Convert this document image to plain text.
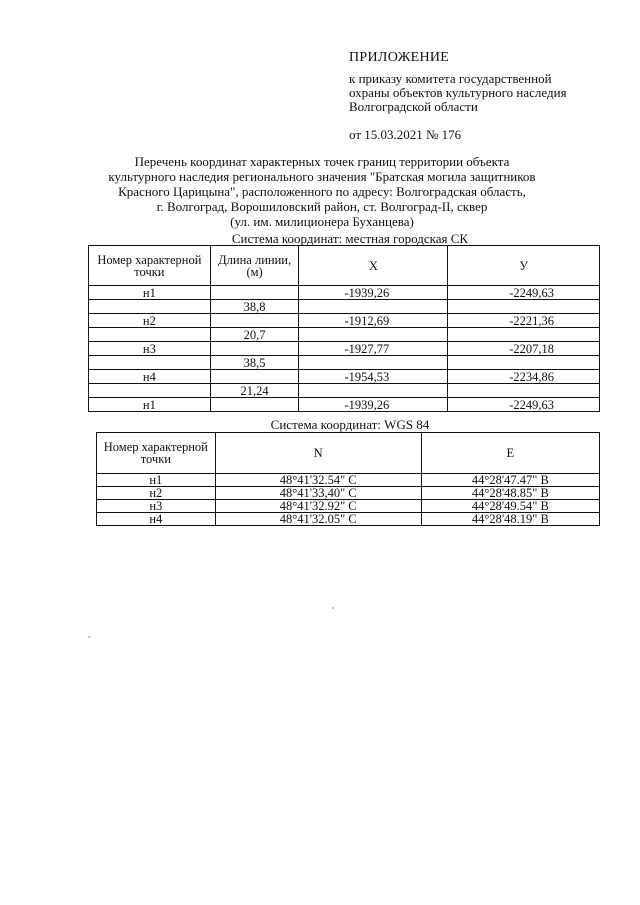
ПРИЛОЖЕНИЕ
к приказу комитета государственной
охраны объектов культурного наследия
Волгоградской области
от 15.03.2021 № 176
Перечень координат характерных точек границ территории объекта
культурного наследия регионального значения "Братская могила защитников
Красного Царицына", расположенного по адресу: Волгоградская область,
г. Волгоград, Ворошиловский район, ст. Волгоград-II, сквер
(ул. им. милиционера Буханцева)
Система координат: местная городская СК
Номер характерной точки	Длина линии, (м)	X	У
н1		-1939,26	-2249,63
	38,8		
н2		-1912,69	-2221,36
	20,7		
н3		-1927,77	-2207,18
	38,5		
н4		-1954,53	-2234,86
	21,24		
н1		-1939,26	-2249,63
Система координат: WGS 84
Номер характерной точки	N	E
н1	48°41'32.54" С	44°28'47.47" В
н2	48°41'33,40" С	44°28'48.85" В
н3	48°41'32.92" С	44°28'49.54" В
н4	48°41'32.05" С	44°28'48.19" В
